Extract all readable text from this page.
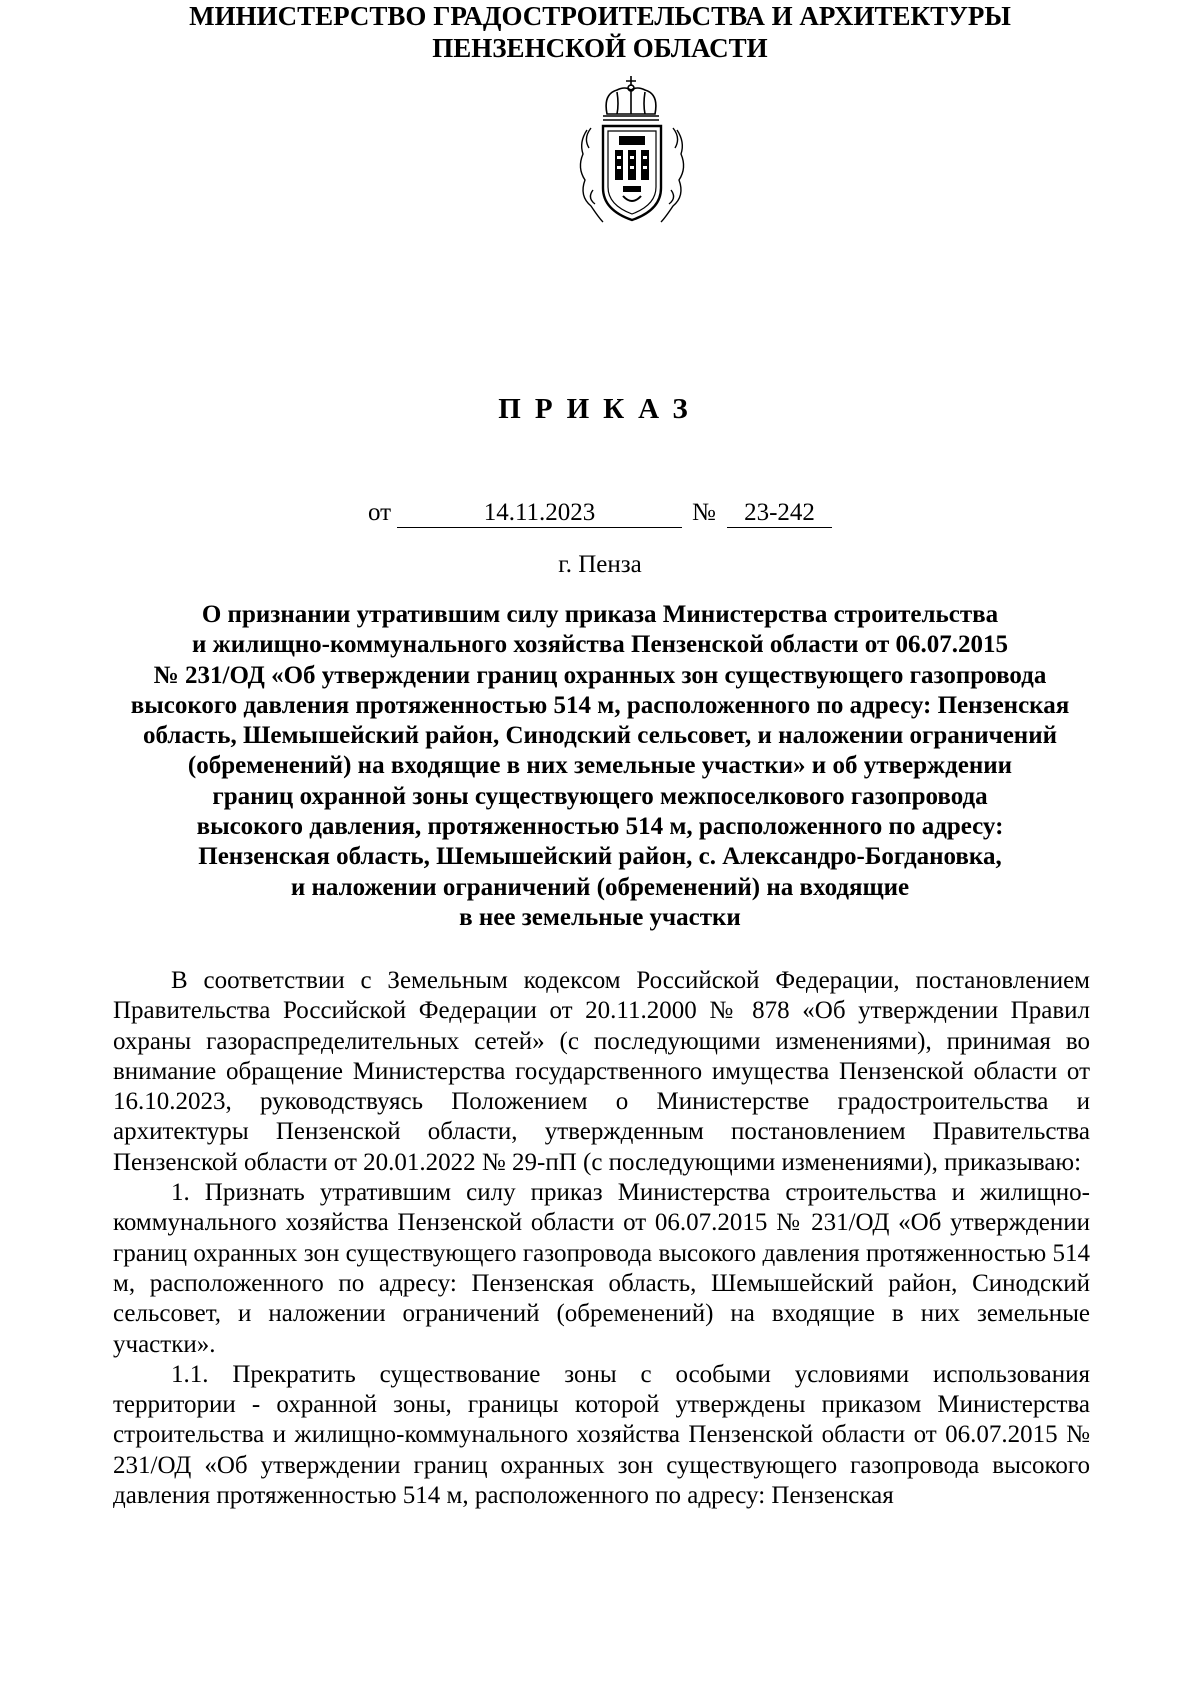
МИНИСТЕРСТВО ГРАДОСТРОИТЕЛЬСТВА И АРХИТЕКТУРЫ
ПЕНЗЕНСКОЙ ОБЛАСТИ
ПРИКАЗ
от	14.11.2023	№	23-242
г. Пенза
О признании утратившим силу приказа Министерства строительства
и жилищно-коммунального хозяйства Пензенской области от 06.07.2015
№ 231/ОД «Об утверждении границ охранных зон существующего газопровода
высокого давления протяженностью 514 м, расположенного по адресу: Пензенская
область, Шемышейский район, Синодский сельсовет, и наложении ограничений
(обременений) на входящие в них земельные участки» и об утверждении
границ охранной зоны существующего межпоселкового газопровода
высокого давления, протяженностью 514 м, расположенного по адресу:
Пензенская область, Шемышейский район, с. Александро-Богдановка,
и наложении ограничений (обременений) на входящие
в нее земельные участки

В соответствии с Земельным кодексом Российской Федерации, постановлением Правительства Российской Федерации от 20.11.2000 № 878 «Об утверждении Правил охраны газораспределительных сетей» (с последующими изменениями), принимая во внимание обращение Министерства государственного имущества Пензенской области от 16.10.2023, руководствуясь Положением о Министерстве градостроительства и архитектуры Пензенской области, утвержденным постановлением Правительства Пензенской области от 20.01.2022 № 29-пП (с последующими изменениями), приказываю:

1. Признать утратившим силу приказ Министерства строительства и жилищно-коммунального хозяйства Пензенской области от 06.07.2015 № 231/ОД «Об утверждении границ охранных зон существующего газопровода высокого давления протяженностью 514 м, расположенного по адресу: Пензенская область, Шемышейский район, Синодский сельсовет, и наложении ограничений (обременений) на входящие в них земельные участки».

1.1. Прекратить существование зоны с особыми условиями использования территории - охранной зоны, границы которой утверждены приказом Министерства строительства и жилищно-коммунального хозяйства Пензенской области от 06.07.2015 № 231/ОД «Об утверждении границ охранных зон существующего газопровода высокого давления протяженностью 514 м, расположенного по адресу: Пензенская
